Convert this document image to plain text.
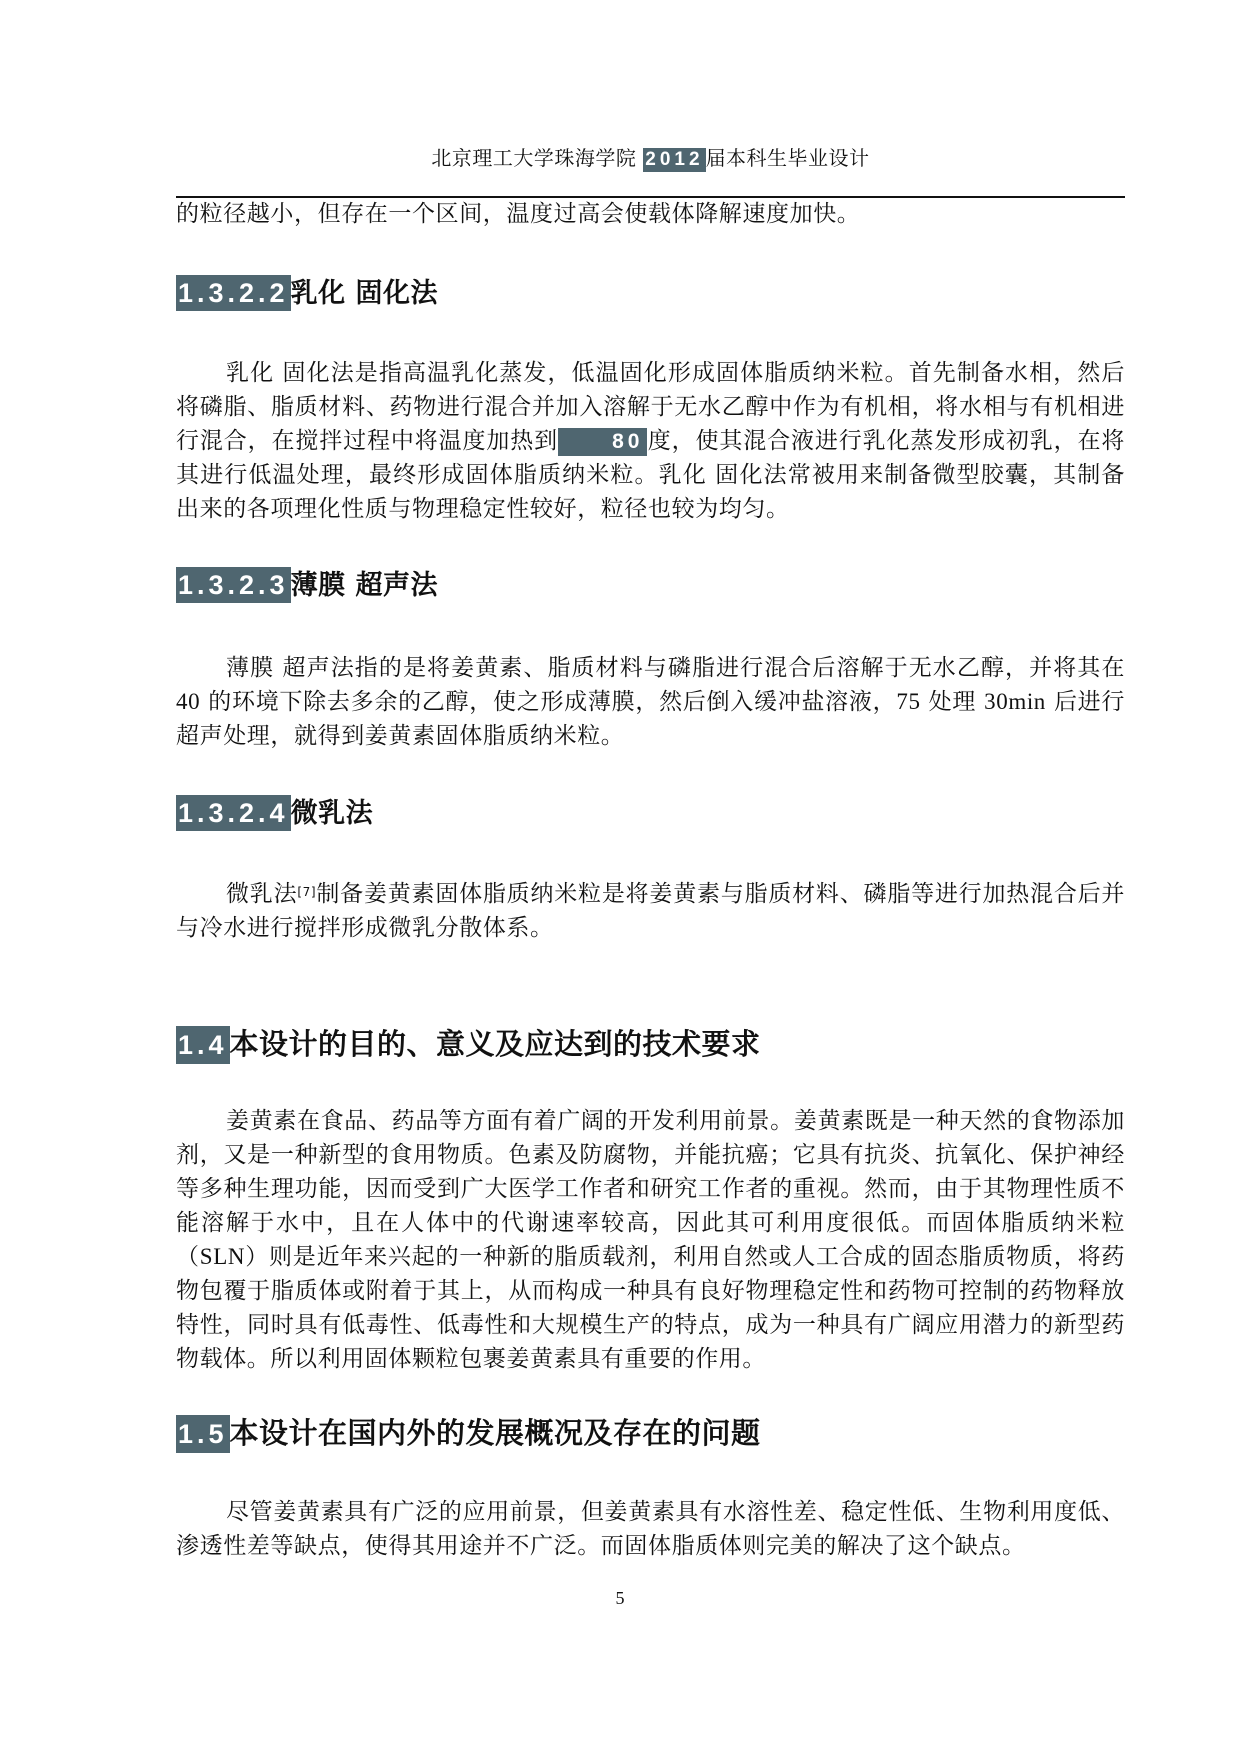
北京理工大学珠海学院 2012 届本科生毕业设计

的粒径越小，但存在一个区间，温度过高会使载体降解速度加快。

1.3.2.2乳化 固化法

乳化 固化法是指高温乳化蒸发，低温固化形成固体脂质纳米粒。首先制备水相，然后将磷脂、脂质材料、药物进行混合并加入溶解于无水乙醇中作为有机相，将水相与有机相进行混合，在搅拌过程中将温度加热到	80 度，使其混合液进行乳化蒸发形成初乳，在将其进行低温处理，最终形成固体脂质纳米粒。乳化 固化法常被用来制备微型胶囊，其制备出来的各项理化性质与物理稳定性较好，粒径也较为均匀。

1.3.2.3薄膜 超声法

薄膜 超声法指的是将姜黄素、脂质材料与磷脂进行混合后溶解于无水乙醇，并将其在 40 的环境下除去多余的乙醇，使之形成薄膜，然后倒入缓冲盐溶液，75 处理 30min 后进行超声处理，就得到姜黄素固体脂质纳米粒。

1.3.2.4微乳法

微乳法[7]制备姜黄素固体脂质纳米粒是将姜黄素与脂质材料、磷脂等进行加热混合后并与冷水进行搅拌形成微乳分散体系。

1.4本设计的目的、意义及应达到的技术要求

姜黄素在食品、药品等方面有着广阔的开发利用前景。姜黄素既是一种天然的食物添加剂，又是一种新型的食用物质。色素及防腐物，并能抗癌；它具有抗炎、抗氧化、保护神经等多种生理功能，因而受到广大医学工作者和研究工作者的重视。然而，由于其物理性质不能溶解于水中，且在人体中的代谢速率较高，因此其可利用度很低。而固体脂质纳米粒（SLN）则是近年来兴起的一种新的脂质载剂，利用自然或人工合成的固态脂质物质，将药物包覆于脂质体或附着于其上，从而构成一种具有良好物理稳定性和药物可控制的药物释放特性，同时具有低毒性、低毒性和大规模生产的特点，成为一种具有广阔应用潜力的新型药物载体。所以利用固体颗粒包裹姜黄素具有重要的作用。

1.5本设计在国内外的发展概况及存在的问题

尽管姜黄素具有广泛的应用前景，但姜黄素具有水溶性差、稳定性低、生物利用度低、渗透性差等缺点，使得其用途并不广泛。而固体脂质体则完美的解决了这个缺点。

5
